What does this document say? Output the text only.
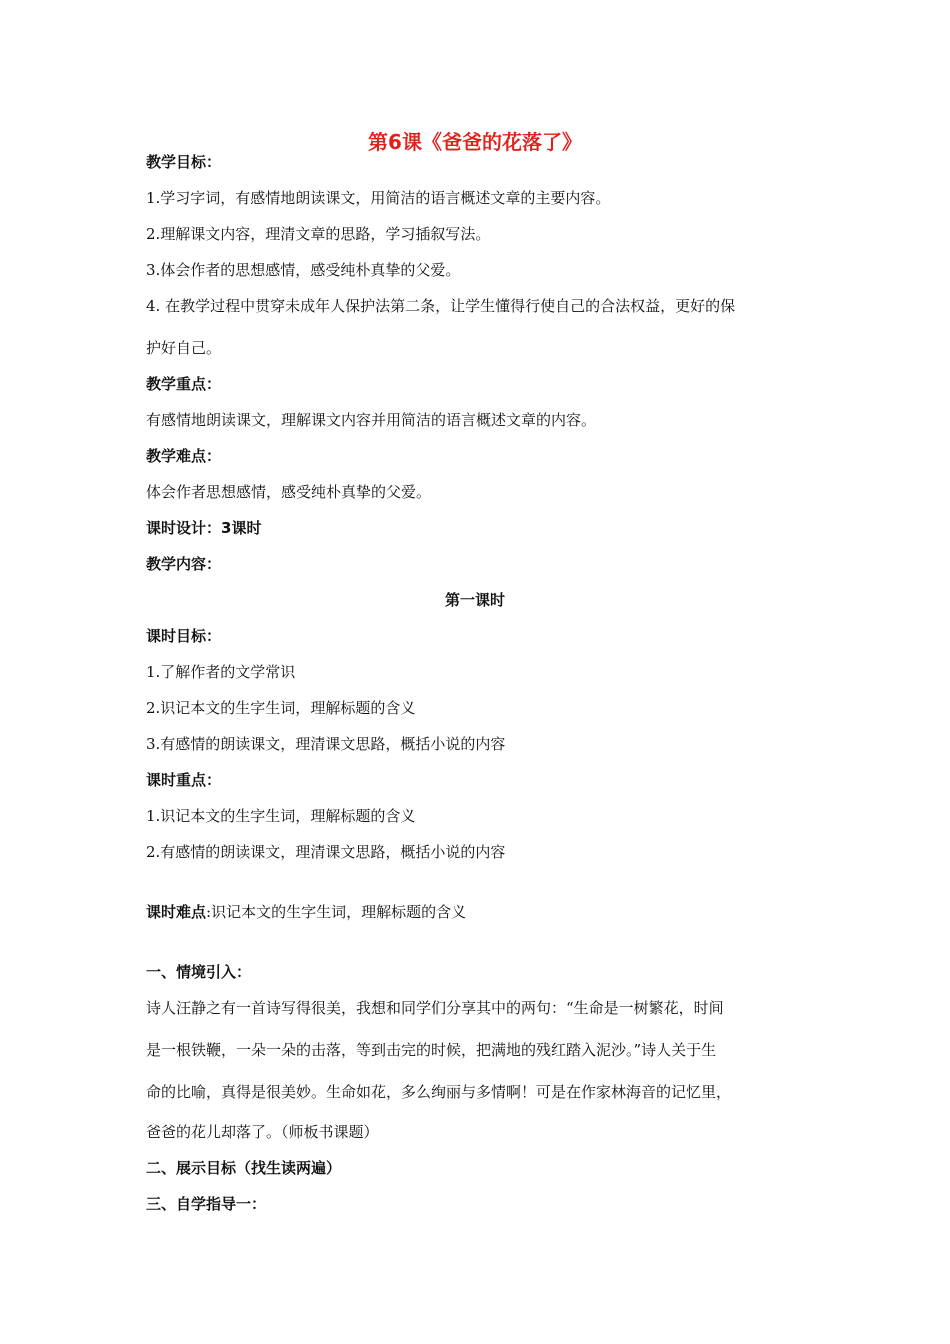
第6课《爸爸的花落了》
教学目标：
1.学习字词，有感情地朗读课文，用简洁的语言概述文章的主要内容。
2.理解课文内容，理清文章的思路，学习插叙写法。
3.体会作者的思想感情，感受纯朴真挚的父爱。
4. 在教学过程中贯穿未成年人保护法第二条，让学生懂得行使自己的合法权益，更好的保
护好自己。
教学重点：
有感情地朗读课文，理解课文内容并用简洁的语言概述文章的内容。
教学难点：
体会作者思想感情，感受纯朴真挚的父爱。
课时设计：3课时
教学内容：
第一课时
课时目标：
1.了解作者的文学常识
2.识记本文的生字生词，理解标题的含义
3.有感情的朗读课文，理清课文思路，概括小说的内容
课时重点：
1.识记本文的生字生词，理解标题的含义
2.有感情的朗读课文，理清课文思路，概括小说的内容
课时难点:识记本文的生字生词，理解标题的含义
一、情境引入：
诗人汪静之有一首诗写得很美，我想和同学们分享其中的两句：“生命是一树繁花，时间
是一根铁鞭，一朵一朵的击落，等到击完的时候，把满地的残红踏入泥沙。”诗人关于生
命的比喻，真得是很美妙。生命如花，多么绚丽与多情啊！可是在作家林海音的记忆里，
爸爸的花儿却落了。（师板书课题）
二、展示目标（找生读两遍）
三、自学指导一：
